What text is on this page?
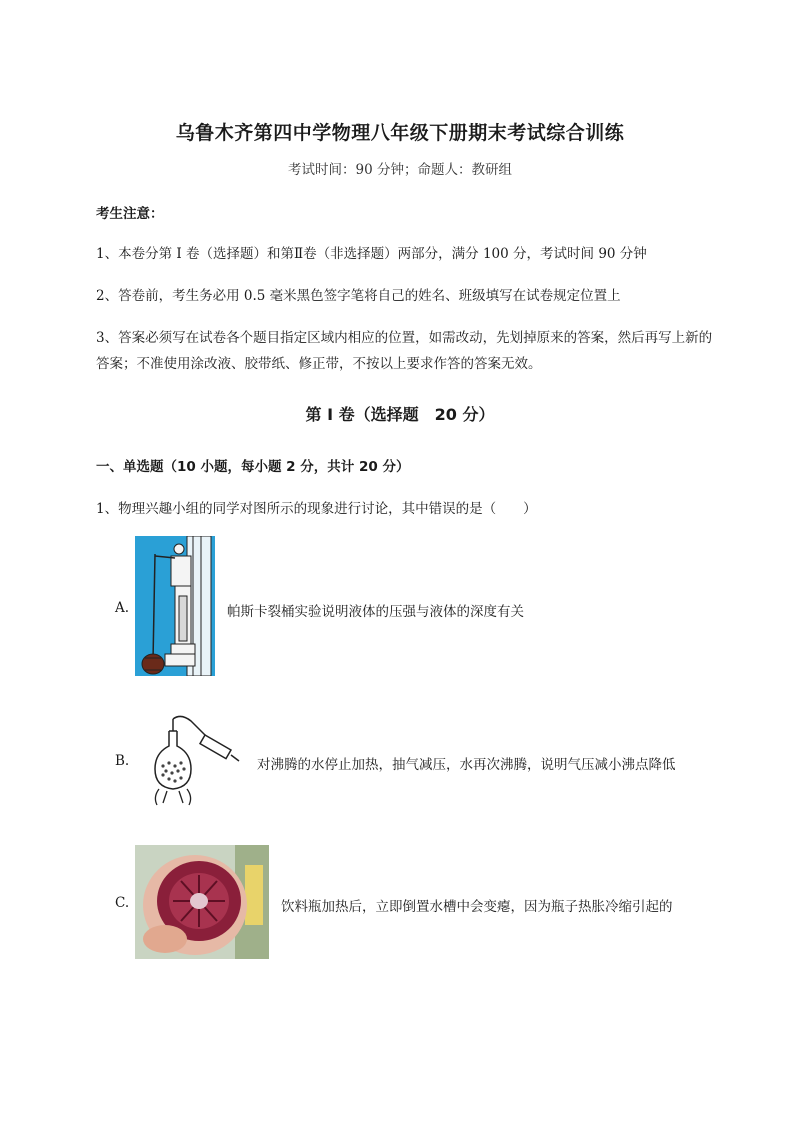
乌鲁木齐第四中学物理八年级下册期末考试综合训练
考试时间：90 分钟；命题人：教研组
考生注意：
1、本卷分第 I 卷（选择题）和第Ⅱ卷（非选择题）两部分，满分 100 分，考试时间 90 分钟
2、答卷前，考生务必用 0.5 毫米黑色签字笔将自己的姓名、班级填写在试卷规定位置上
3、答案必须写在试卷各个题目指定区域内相应的位置，如需改动，先划掉原来的答案，然后再写上新的答案；不准使用涂改液、胶带纸、修正带，不按以上要求作答的答案无效。
第 I 卷（选择题　20 分）
一、单选题（10 小题，每小题 2 分，共计 20 分）
1、物理兴趣小组的同学对图所示的现象进行讨论，其中错误的是（　　）
A.	帕斯卡裂桶实验说明液体的压强与液体的深度有关
B.	对沸腾的水停止加热，抽气减压，水再次沸腾，说明气压减小沸点降低
C.	饮料瓶加热后，立即倒置水槽中会变瘪，因为瓶子热胀冷缩引起的
